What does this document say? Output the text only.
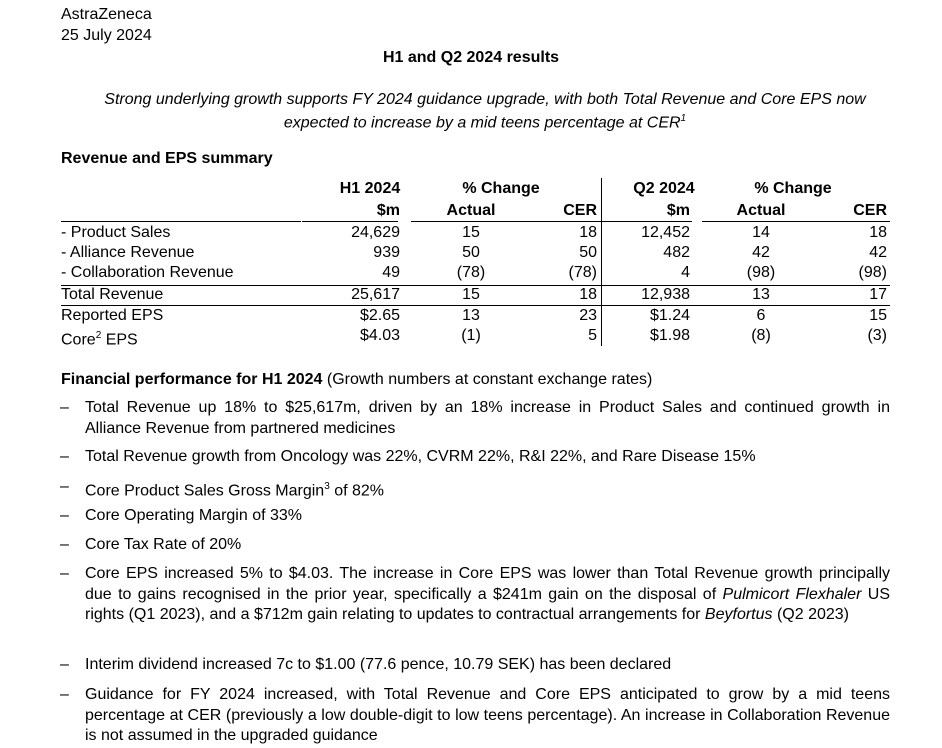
AstraZeneca
25 July 2024
H1 and Q2 2024 results
Strong underlying growth supports FY 2024 guidance upgrade, with both Total Revenue and Core EPS now
expected to increase by a mid teens percentage at CER$^1$
Revenue and EPS summary
H1 2024	% Change	Q2 2024	% Change
$m	Actual	CER	$m	Actual	CER
- Product Sales	24,629	15	18	12,452	14	18
- Alliance Revenue	939	50	50	482	42	42
- Collaboration Revenue	49	(78)	(78)	4	(98)	(98)
Total Revenue	25,617	15	18	12,938	13	17
Reported EPS	$2.65	13	23	$1.24	6	15
Core$^2$ EPS	$4.03	(1)	5	$1.98	(8)	(3)
Financial performance for H1 2024 (Growth numbers at constant exchange rates)
– Total Revenue up 18% to $25,617m, driven by an 18% increase in Product Sales and continued growth in Alliance Revenue from partnered medicines
– Total Revenue growth from Oncology was 22%, CVRM 22%, R&I 22%, and Rare Disease 15%
– Core Product Sales Gross Margin$^3$ of 82%
– Core Operating Margin of 33%
– Core Tax Rate of 20%
– Core EPS increased 5% to $4.03. The increase in Core EPS was lower than Total Revenue growth principally due to gains recognised in the prior year, specifically a $241m gain on the disposal of Pulmicort Flexhaler US rights (Q1 2023), and a $712m gain relating to updates to contractual arrangements for Beyfortus (Q2 2023)
– Interim dividend increased 7c to $1.00 (77.6 pence, 10.79 SEK) has been declared
– Guidance for FY 2024 increased, with Total Revenue and Core EPS anticipated to grow by a mid teens percentage at CER (previously a low double-digit to low teens percentage). An increase in Collaboration Revenue is not assumed in the upgraded guidance
